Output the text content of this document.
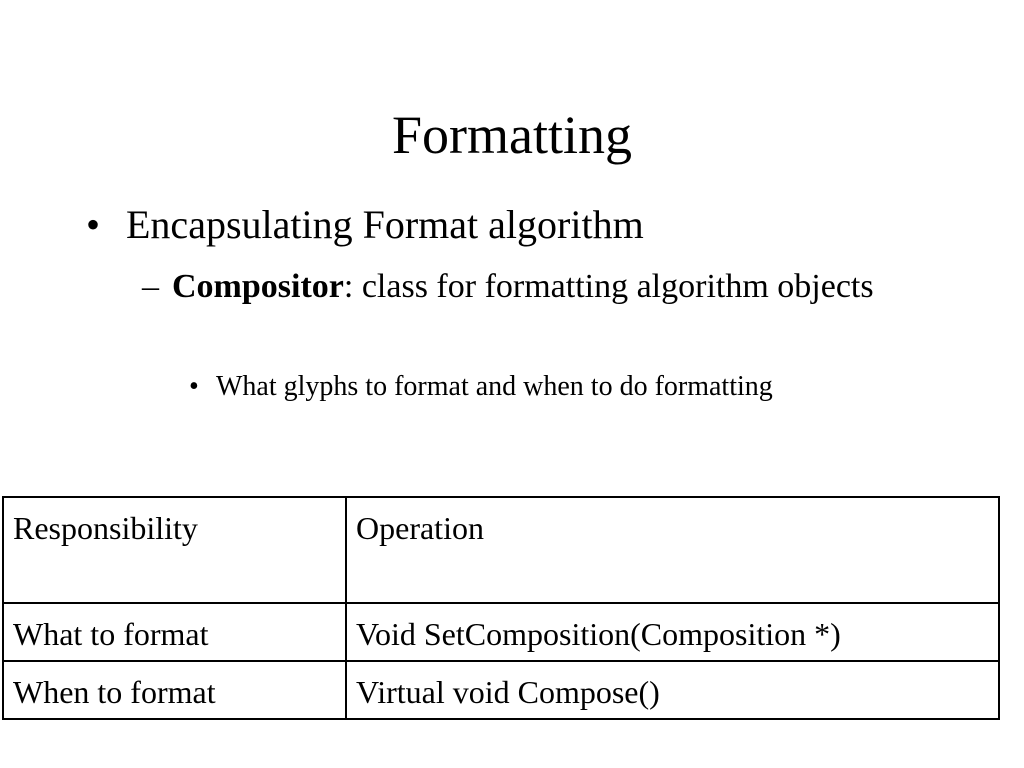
Formatting
• Encapsulating Format algorithm
– Compositor: class for formatting algorithm objects
• What glyphs to format and when to do formatting
Responsibility	Operation
What to format	Void SetComposition(Composition *)
When to format	Virtual void Compose()
